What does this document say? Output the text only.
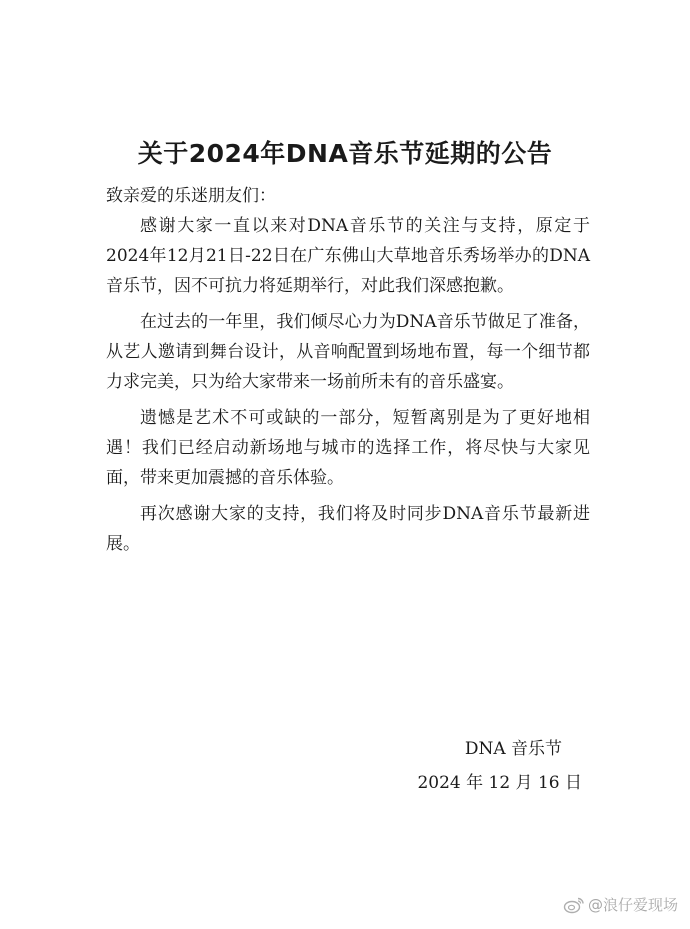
关于2024年DNA音乐节延期的公告

致亲爱的乐迷朋友们：

感谢大家一直以来对DNA音乐节的关注与支持，原定于2024年12月21日-22日在广东佛山大草地音乐秀场举办的DNA音乐节，因不可抗力将延期举行，对此我们深感抱歉。

在过去的一年里，我们倾尽心力为DNA音乐节做足了准备，从艺人邀请到舞台设计，从音响配置到场地布置，每一个细节都力求完美，只为给大家带来一场前所未有的音乐盛宴。

遗憾是艺术不可或缺的一部分，短暂离别是为了更好地相遇！我们已经启动新场地与城市的选择工作，将尽快与大家见面，带来更加震撼的音乐体验。

再次感谢大家的支持，我们将及时同步DNA音乐节最新进展。

DNA 音乐节
2024 年 12 月 16 日
@浪仔爱现场
